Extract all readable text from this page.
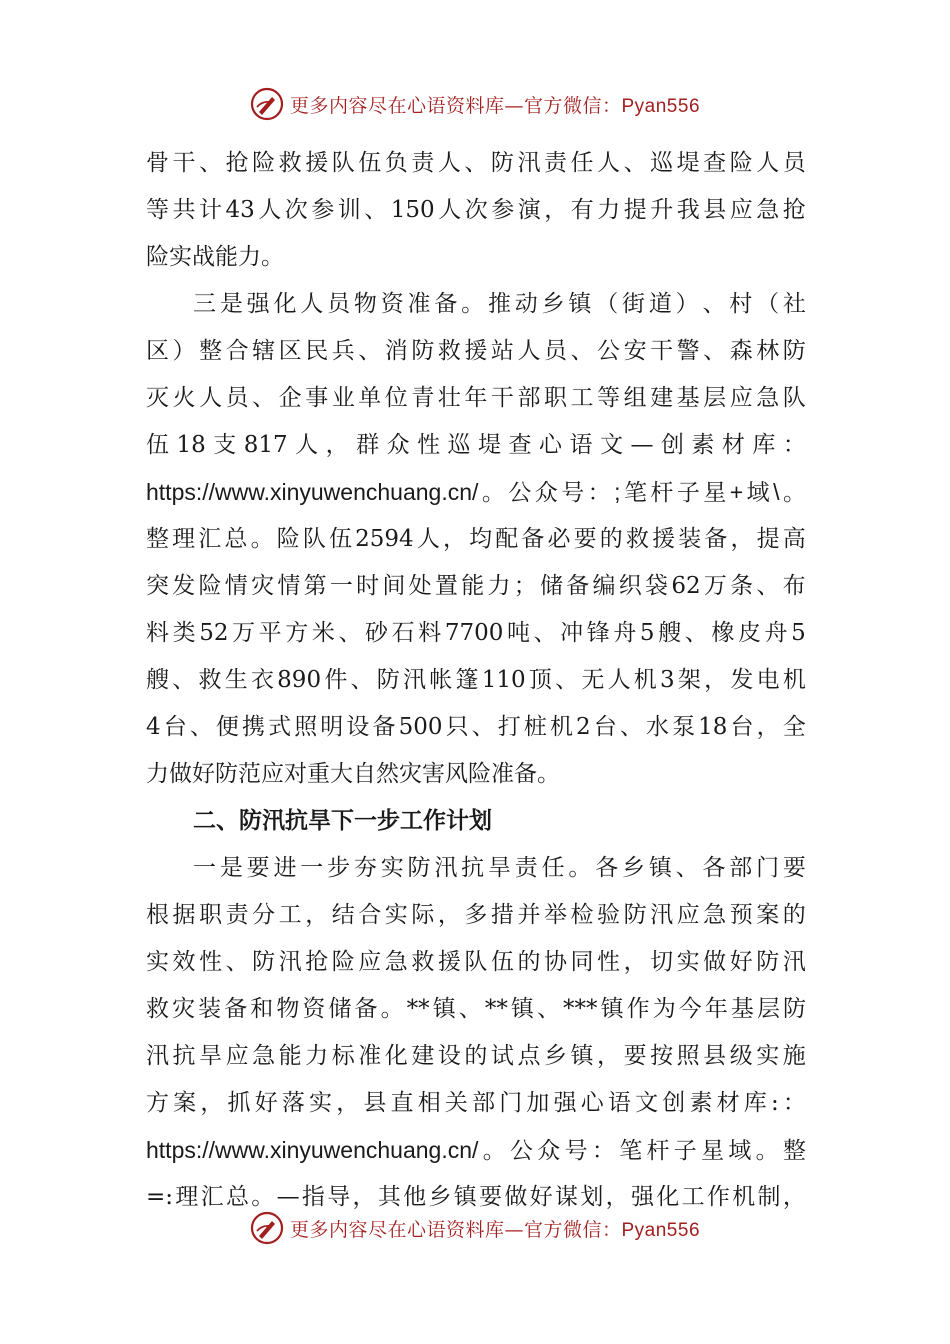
更多内容尽在心语资料库—官方微信：Pyan556
骨 干 、 抢 险 救 援 队 伍 负 责 人 、 防 汛 责 任 人 、 巡 堤 查 险 人 员
等 共 计 43 人 次 参 训 、 150 人 次 参 演 ， 有 力 提 升 我 县 应 急 抢
险实战能力。
三 是 强 化 人 员 物 资 准 备 。 推 动 乡 镇 （ 街 道 ） 、 村 （ 社
区 ） 整 合 辖 区 民 兵 、 消 防 救 援 站 人 员 、 公 安 干 警 、 森 林 防
灭 火 人 员 、 企 事 业 单 位 青 壮 年 干 部 职 工 等 组 建 基 层 应 急 队
伍 18 支 817 人 ， 群 众 性 巡 堤 查 心 语 文 — 创 素 材 库 ：
https://www.xinyuwenchuang.cn/ 。 公 众 号 ： ; 笔 杆 子 星 + 域 \ 。
整 理 汇 总 。 险 队 伍 2594 人 ， 均 配 备 必 要 的 救 援 装 备 ， 提 高
突 发 险 情 灾 情 第 一 时 间 处 置 能 力 ； 储 备 编 织 袋 62 万 条 、 布
料 类 52 万 平 方 米 、 砂 石 料 7700 吨 、 冲 锋 舟 5 艘 、 橡 皮 舟 5
艘 、 救 生 衣 890 件 、 防 汛 帐 篷 110 顶 、 无 人 机 3 架 ， 发 电 机
4 台 、 便 携 式 照 明 设 备 500 只 、 打 桩 机 2 台 、 水 泵 18 台 ， 全
力做好防范应对重大自然灾害风险准备。
二、防汛抗旱下一步工作计划
一 是 要 进 一 步 夯 实 防 汛 抗 旱 责 任 。 各 乡 镇 、 各 部 门 要
根 据 职 责 分 工 ， 结 合 实 际 ， 多 措 并 举 检 验 防 汛 应 急 预 案 的
实 效 性 、 防 汛 抢 险 应 急 救 援 队 伍 的 协 同 性 ， 切 实 做 好 防 汛
救 灾 装 备 和 物 资 储 备 。 ** 镇 、 ** 镇 、 *** 镇 作 为 今 年 基 层 防
汛 抗 旱 应 急 能 力 标 准 化 建 设 的 试 点 乡 镇 ， 要 按 照 县 级 实 施
方 案 ， 抓 好 落 实 ， 县 直 相 关 部 门 加 强 心 语 文 创 素 材 库 : ：
https://www.xinyuwenchuang.cn/ 。 公 众 号 ： 笔 杆 子 星 域 。 整
=: 理 汇 总 。 — 指 导 ， 其 他 乡 镇 要 做 好 谋 划 ， 强 化 工 作 机 制 ，
更多内容尽在心语资料库—官方微信：Pyan556
